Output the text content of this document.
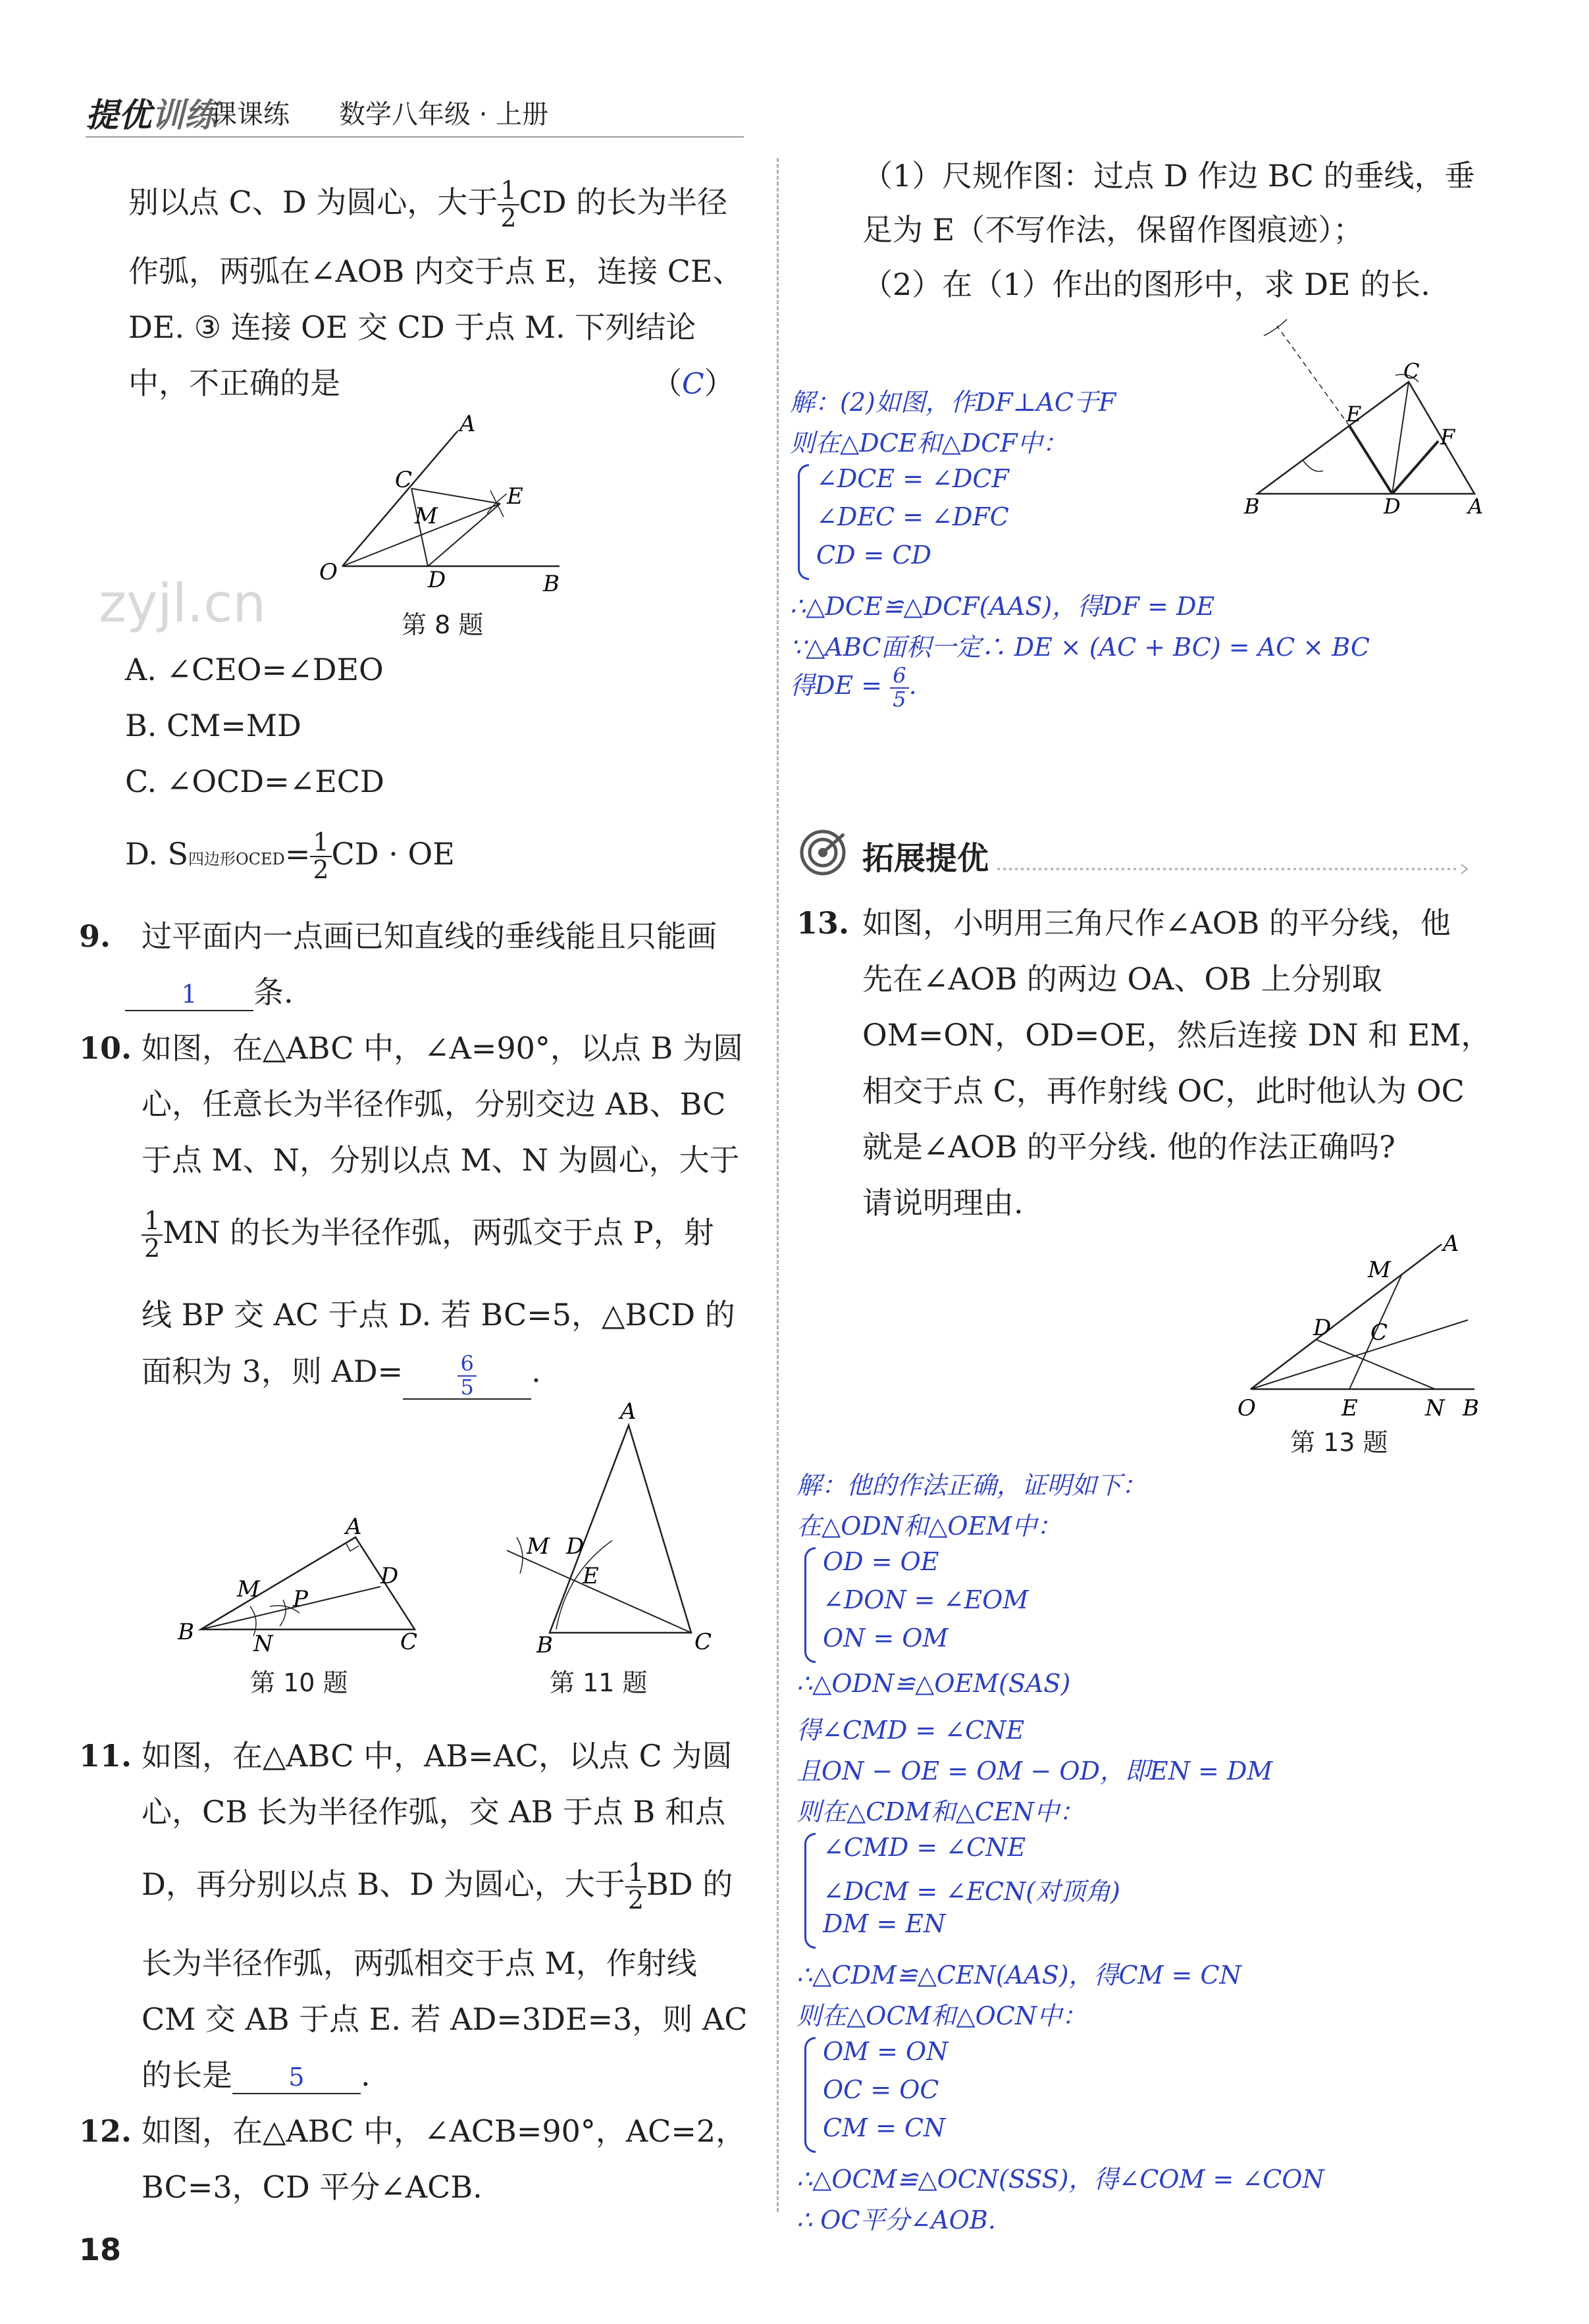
提优训练
课课练 数学八年级 · 上册
zyjl.cn
别以点 C、D 为圆心，大于 $\frac{1}{2}$ CD 的长为半径
作弧，两弧在∠AOB 内交于点 E，连接 CE、
DE. ③ 连接 OE 交 CD 于点 M. 下列结论
中，不正确的是	（C）
A
C
M
E
O	D	B
第 8 题
A. ∠CEO=∠DEO
B. CM=MD
C. ∠OCD=∠ECD
D. S四边形OCED= $\frac{1}{2}$ CD · OE
9. 过平面内一点画已知直线的垂线能且只能画
1 条.
10. 如图，在△ABC 中，∠A=90°，以点 B 为圆
心，任意长为半径作弧，分别交边 AB、BC
于点 M、N，分别以点 M、N 为圆心，大于
$\frac{1}{2}$ MN 的长为半径作弧，两弧交于点 P，射
线 BP 交 AC 于点 D. 若 BC=5，△BCD 的
面积为 3，则 AD=	$\frac{6}{5}$ .
A
M P
D
B	N	C
第 10 题
A
M D
E
B	C
第 11 题
11. 如图，在△ABC 中，AB=AC，以点 C 为圆
心，CB 长为半径作弧，交 AB 于点 B 和点
D，再分别以点 B、D 为圆心，大于 $\frac{1}{2}$ BD 的
长为半径作弧，两弧相交于点 M，作射线
CM 交 AB 于点 E. 若 AD=3DE=3，则 AC
的长是 5 .
12. 如图，在△ABC 中，∠ACB=90°，AC=2，
BC=3，CD 平分∠ACB.
18
（1）尺规作图：过点 D 作边 BC 的垂线，垂
足为 E（不写作法，保留作图痕迹）；
（2）在（1）作出的图形中，求 DE 的长.
C
E
F
B	D	A
解：(2)如图，作DF⊥AC于F
则在△DCE和△DCF中：
∠DCE = ∠DCF
∠DEC = ∠DFC
CD = CD
∴△DCE≌△DCF(AAS)，得DF = DE
∵△ABC面积一定∴ DE × (AC + BC) = AC × BC
得DE = $\frac{6}{5}$ .
拓展提优
13. 如图，小明用三角尺作∠AOB 的平分线，他
先在∠AOB 的两边 OA、OB 上分别取
OM=ON，OD=OE，然后连接 DN 和 EM，
相交于点 C，再作射线 OC，此时他认为 OC
就是∠AOB 的平分线. 他的作法正确吗?
请说明理由.
M
A
D C
O	E	N B
第 13 题
解：他的作法正确，证明如下：
在△ODN和△OEM中：
OD = OE
∠DON = ∠EOM
ON = OM
∴△ODN≌△OEM(SAS)
得∠CMD = ∠CNE
且ON − OE = OM − OD，即EN = DM
则在△CDM和△CEN中：
∠CMD = ∠CNE
∠DCM = ∠ECN(对顶角)
DM = EN
∴△CDM≌△CEN(AAS)，得CM = CN
则在△OCM和△OCN中：
OM = ON
OC = OC
CM = CN
∴△OCM≌△OCN(SSS)，得∠COM = ∠CON
∴ OC平分∠AOB.
